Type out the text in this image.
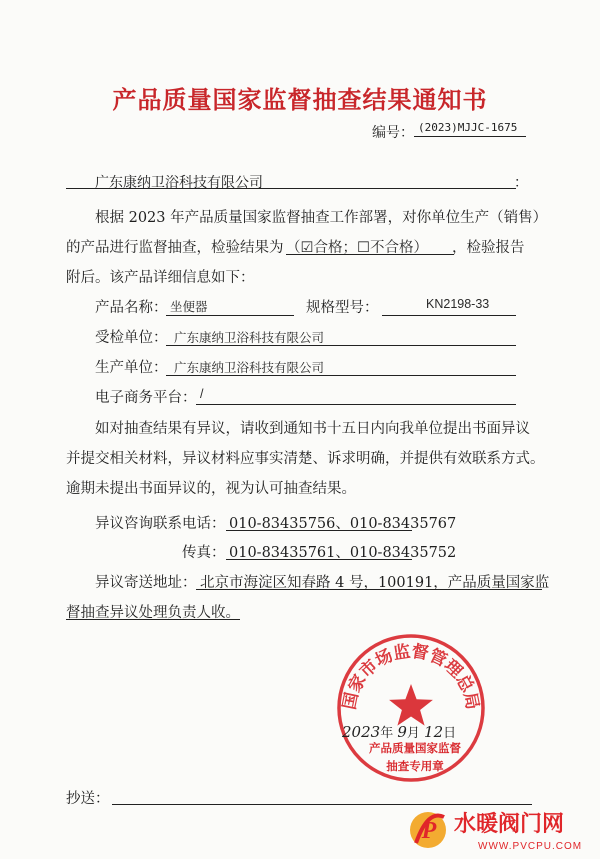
产品质量国家监督抽查结果通知书
编号： (2023)MJJC-1675
广东康纳卫浴科技有限公司	：
根据 2023 年产品质量国家监督抽查工作部署，对你单位生产（销售）
的产品进行监督抽查，检验结果为 （☑合格；☐不合格） ，检验报告
附后。该产品详细信息如下：
产品名称： 坐便器	规格型号：	KN2198-33
受检单位： 广东康纳卫浴科技有限公司
生产单位： 广东康纳卫浴科技有限公司
电子商务平台： /
如对抽查结果有异议，请收到通知书十五日内向我单位提出书面异议
并提交相关材料，异议材料应事实清楚、诉求明确，并提供有效联系方式。
逾期未提出书面异议的，视为认可抽查结果。
异议咨询联系电话： 010-83435756、010-83435767
传真： 010-83435761、010-83435752
异议寄送地址： 北京市海淀区知春路 4 号，100191，产品质量国家监
督抽查异议处理负责人收。
国家市场监督管理总局
产品质量国家监督
抽查专用章
2023年 9月 12日
抄送：
P 水暖阀门网
WWW.PVCPU.COM
